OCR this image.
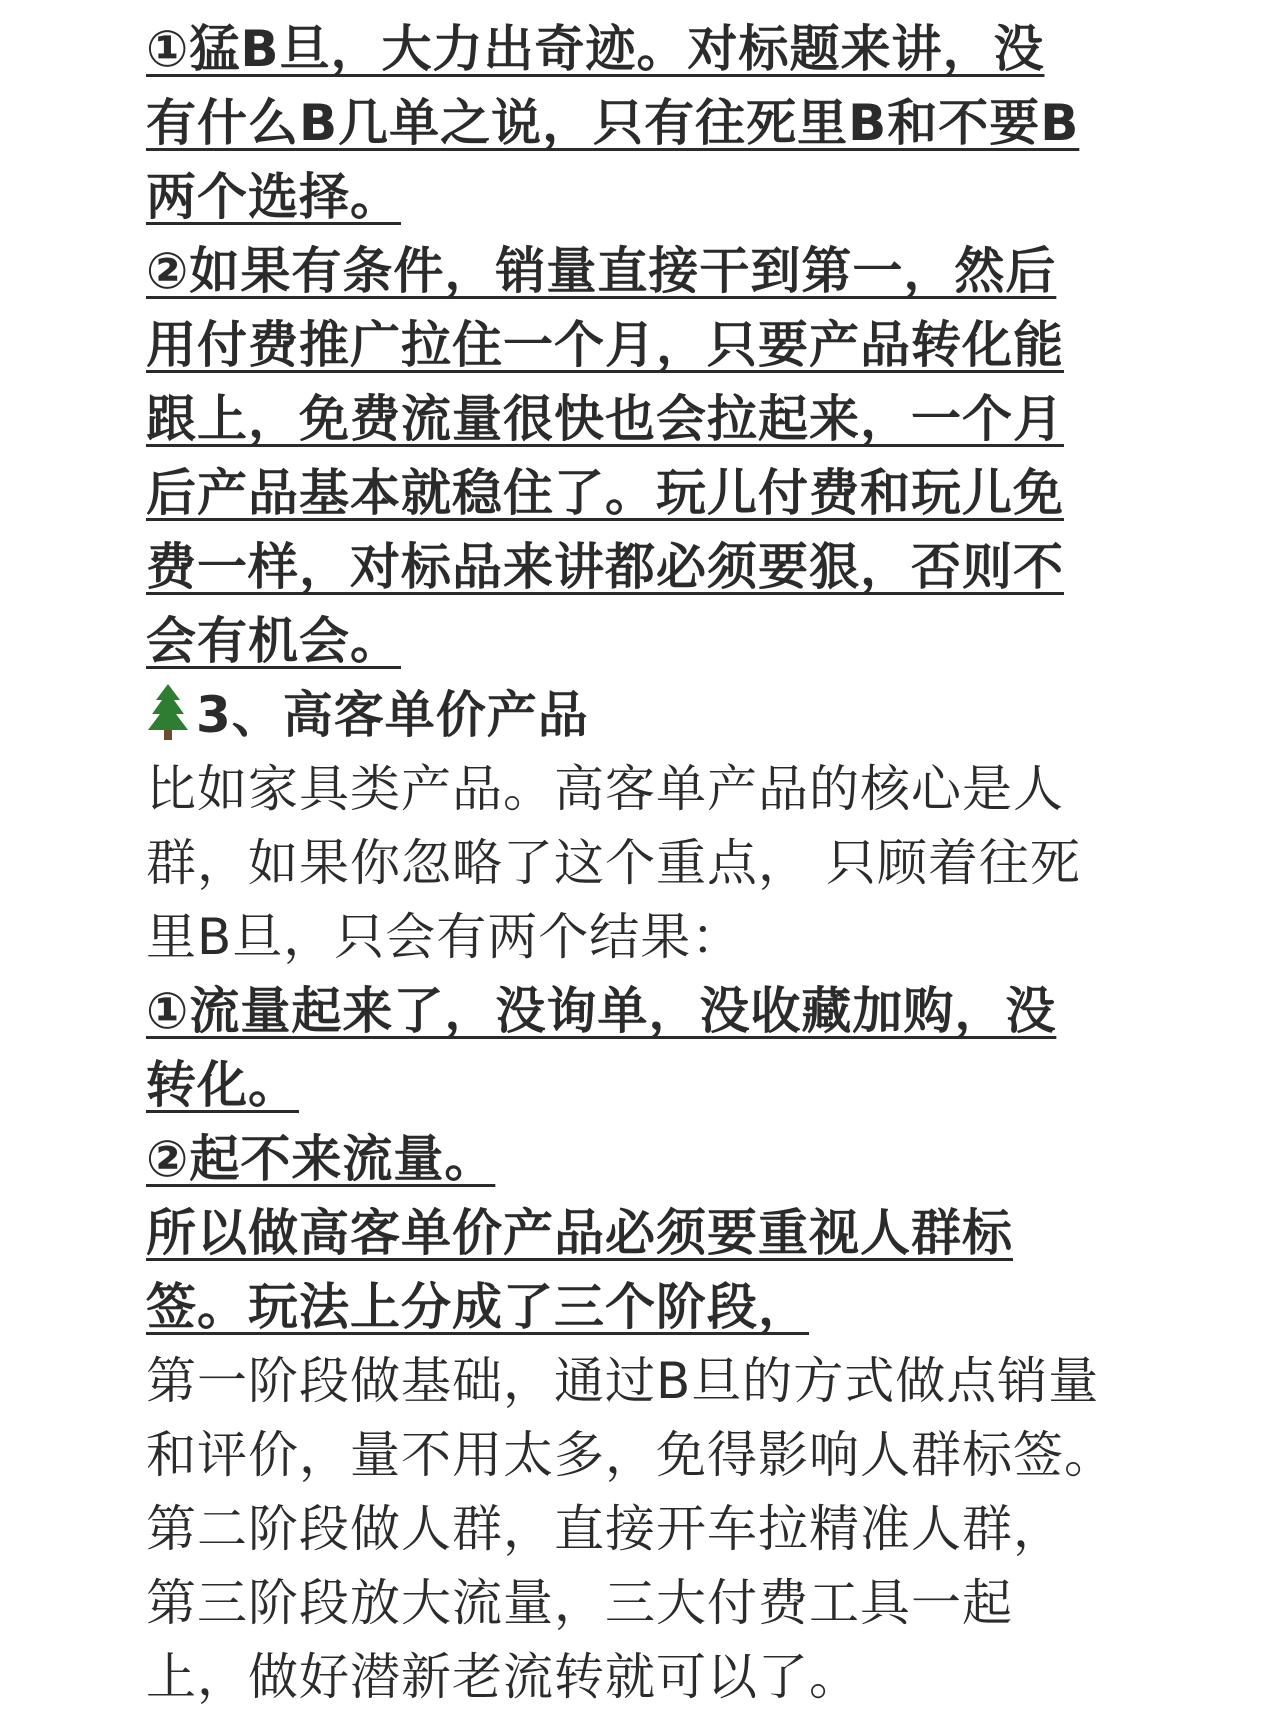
①猛B旦，大力出奇迹。对标题来讲，没
有什么B几单之说，只有往死里B和不要B
两个选择。
②如果有条件，销量直接干到第一，然后
用付费推广拉住一个月，只要产品转化能
跟上，免费流量很快也会拉起来，一个月
后产品基本就稳住了。玩儿付费和玩儿免
费一样，对标品来讲都必须要狠，否则不
会有机会。
3、高客单价产品
比如家具类产品。高客单产品的核心是人
群，如果你忽略了这个重点， 只顾着往死
里B旦，只会有两个结果：
①流量起来了，没询单，没收藏加购，没
转化。
②起不来流量。
所以做高客单价产品必须要重视人群标
签。玩法上分成了三个阶段，
第一阶段做基础，通过B旦的方式做点销量
和评价，量不用太多，免得影响人群标签。
第二阶段做人群，直接开车拉精准人群，
第三阶段放大流量，三大付费工具一起
上，做好潜新老流转就可以了。
